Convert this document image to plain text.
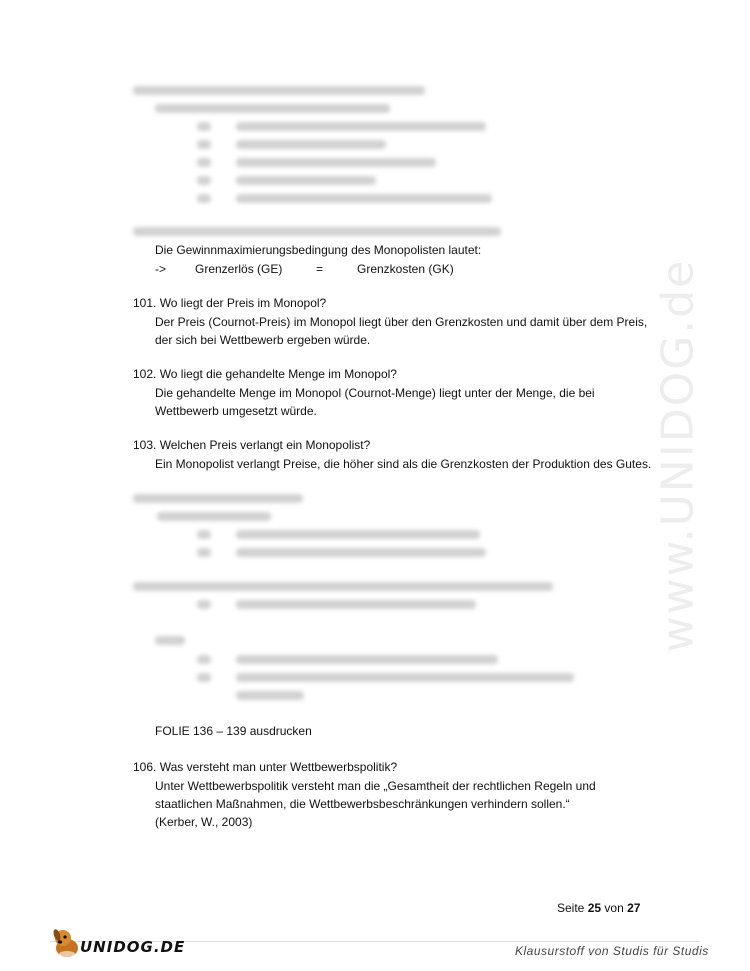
www.UNIDOG.de
Die Gewinnmaximierungsbedingung des Monopolisten lautet:
-> Grenzerlös (GE)	=	Grenzkosten (GK)
101. Wo liegt der Preis im Monopol?
Der Preis (Cournot-Preis) im Monopol liegt über den Grenzkosten und damit über dem Preis,
der sich bei Wettbewerb ergeben würde.
102. Wo liegt die gehandelte Menge im Monopol?
Die gehandelte Menge im Monopol (Cournot-Menge) liegt unter der Menge, die bei
Wettbewerb umgesetzt würde.
103. Welchen Preis verlangt ein Monopolist?
Ein Monopolist verlangt Preise, die höher sind als die Grenzkosten der Produktion des Gutes.
FOLIE 136 – 139 ausdrucken
106. Was versteht man unter Wettbewerbspolitik?
Unter Wettbewerbspolitik versteht man die „Gesamtheit der rechtlichen Regeln und
staatlichen Maßnahmen, die Wettbewerbsbeschränkungen verhindern sollen.“
(Kerber, W., 2003)
Seite 25 von 27
UNIDOG.DE	Klausurstoff von Studis für Studis
